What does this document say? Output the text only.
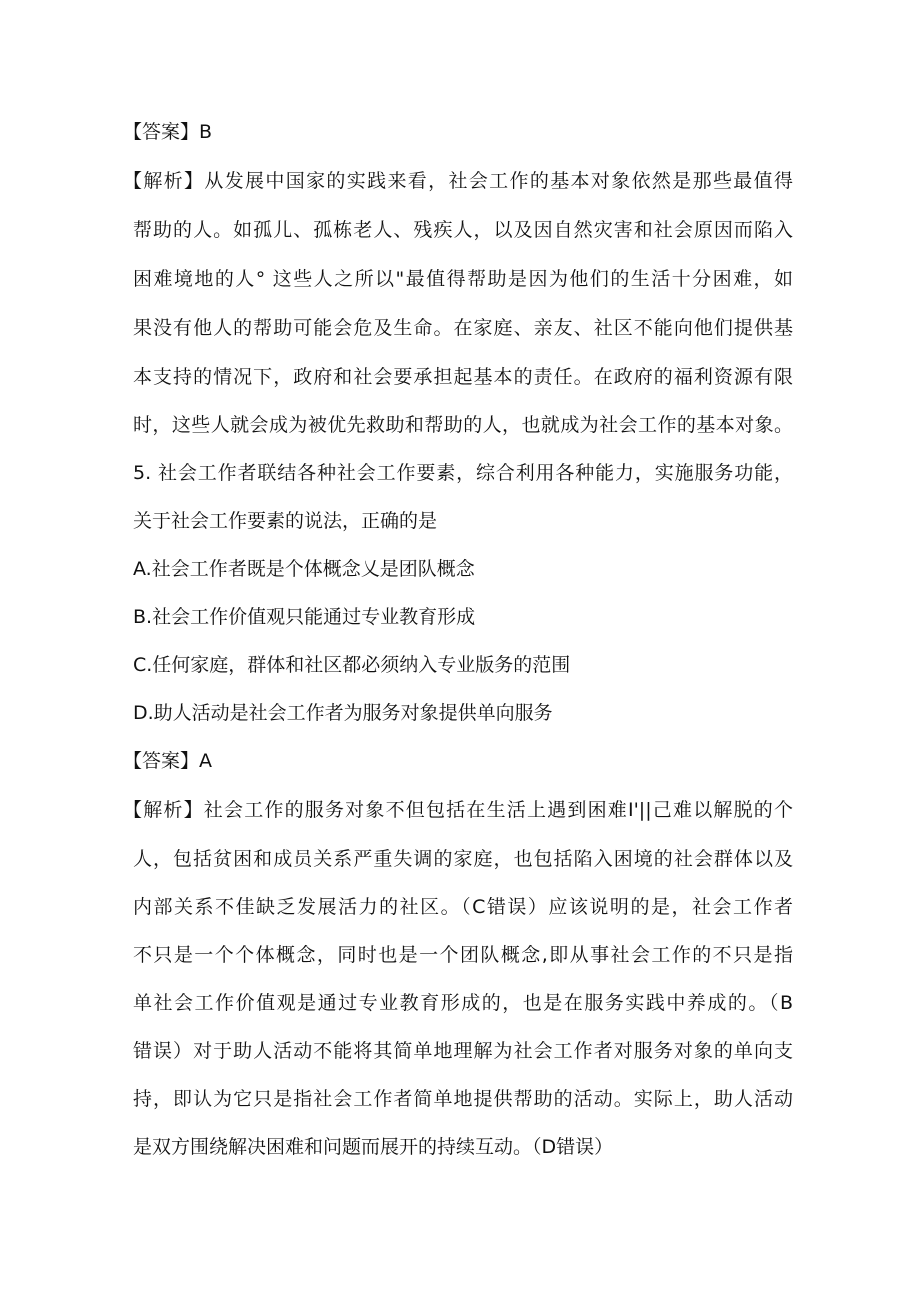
【答案】B
【解析】从发展中国家的实践来看，社会工作的基本对象依然是那些最值得
帮助的人。如孤儿、孤栋老人、残疾人，以及因自然灾害和社会原因而陷入
困难境地的人° 这些人之所以"最值得帮助是因为他们的生活十分困难，如
果没有他人的帮助可能会危及生命。在家庭、亲友、社区不能向他们提供基
本支持的情况下，政府和社会要承担起基本的责任。在政府的福利资源有限
时，这些人就会成为被优先救助和帮助的人，也就成为社会工作的基本对象。
5. 社会工作者联结各种社会工作要素，综合利用各种能力，实施服务功能，
关于社会工作要素的说法，正确的是
A.社会工作者既是个体概念乂是团队概念
B.社会工作价值观只能通过专业教育形成
C.任何家庭，群体和社区都必须纳入专业版务的范围
D.助人活动是社会工作者为服务对象提供单向服务
【答案】A
【解析】社会工作的服务对象不但包括在生活上遇到困难I'||己难以解脱的个
人，包括贫困和成员关系严重失调的家庭，也包括陷入困境的社会群体以及
内部关系不佳缺乏发展活力的社区。（C错误）应该说明的是，社会工作者
不只是一个个体概念，同时也是一个团队概念,即从事社会工作的不只是指
单社会工作价值观是通过专业教育形成的，也是在服务实践中养成的。（B
错误）对于助人活动不能将其简单地理解为社会工作者对服务对象的单向支
持，即认为它只是指社会工作者简单地提供帮助的活动。实际上，助人活动
是双方围绕解决困难和问题而展开的持续互动。（D错误）
